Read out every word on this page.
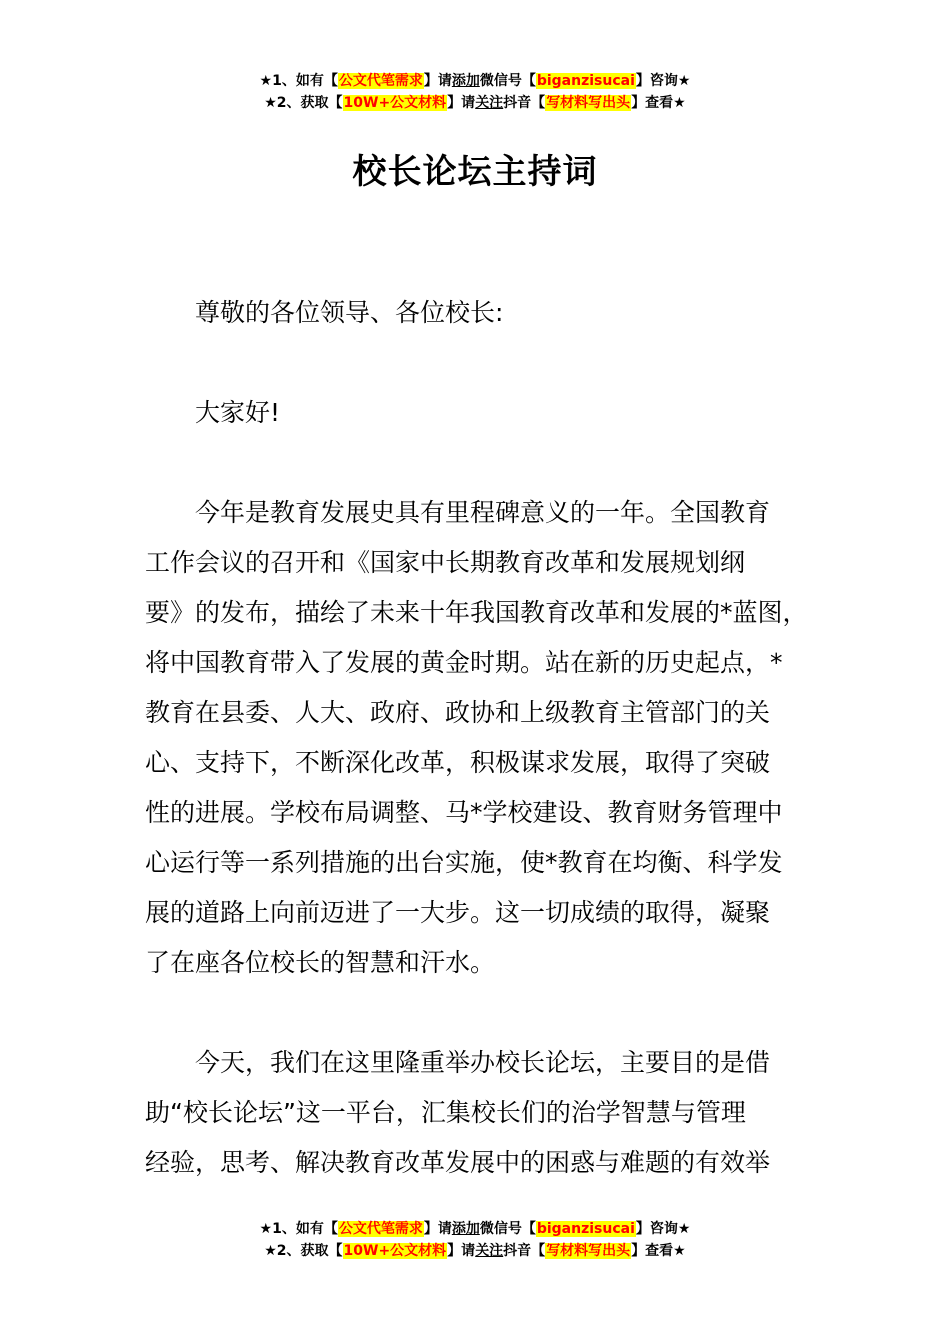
★1、如有【公文代笔需求】请添加微信号【biganzisucai】咨询★
★2、获取【10W+公文材料】请关注抖音【写材料写出头】查看★
校长论坛主持词
尊敬的各位领导、各位校长:
大家好!
今年是教育发展史具有里程碑意义的一年。全国教育
工作会议的召开和《国家中长期教育改革和发展规划纲
要》的发布，描绘了未来十年我国教育改革和发展的*蓝图，
将中国教育带入了发展的黄金时期。站在新的历史起点，*
教育在县委、人大、政府、政协和上级教育主管部门的关
心、支持下，不断深化改革，积极谋求发展，取得了突破
性的进展。学校布局调整、马*学校建设、教育财务管理中
心运行等一系列措施的出台实施，使*教育在均衡、科学发
展的道路上向前迈进了一大步。这一切成绩的取得，凝聚
了在座各位校长的智慧和汗水。
今天，我们在这里隆重举办校长论坛，主要目的是借
助“校长论坛”这一平台，汇集校长们的治学智慧与管理
经验，思考、解决教育改革发展中的困惑与难题的有效举
★1、如有【公文代笔需求】请添加微信号【biganzisucai】咨询★
★2、获取【10W+公文材料】请关注抖音【写材料写出头】查看★
